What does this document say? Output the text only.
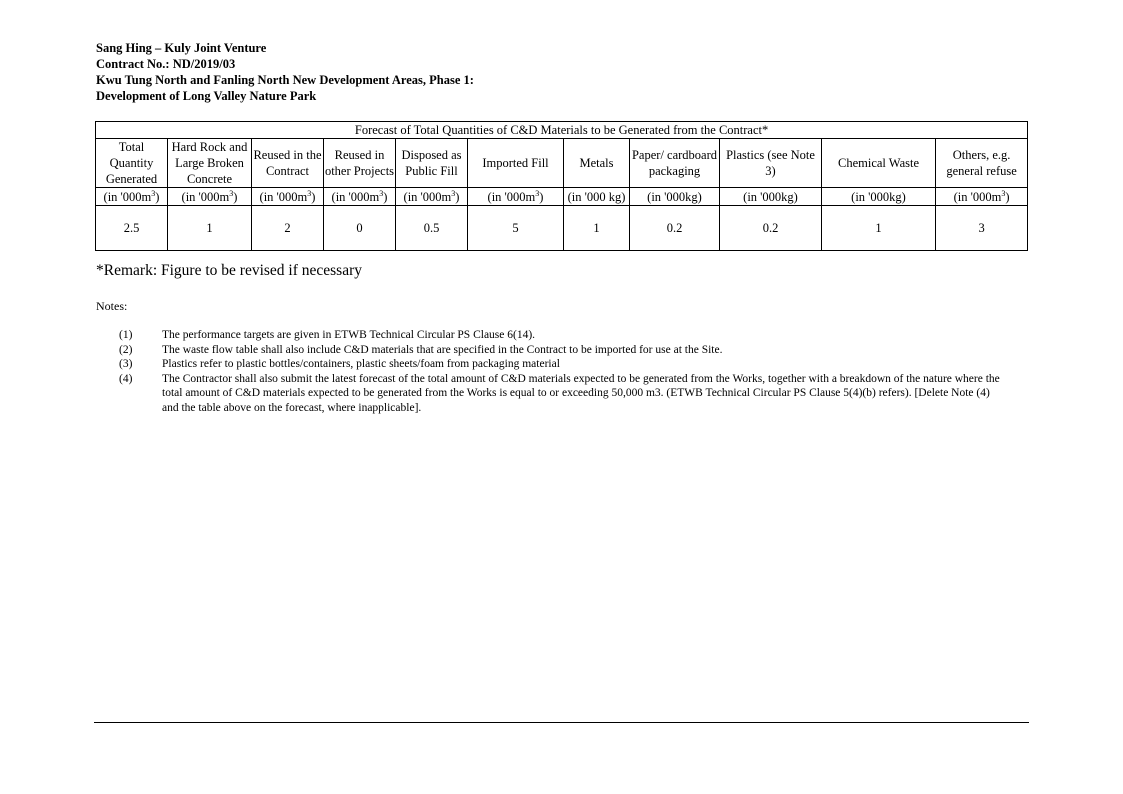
Sang Hing – Kuly Joint Venture
Contract No.: ND/2019/03
Kwu Tung North and Fanling North New Development Areas, Phase 1:
Development of Long Valley Nature Park
Forecast of Total Quantities of C&D Materials to be Generated from the Contract*										
Total Quantity Generated	Hard Rock and Large Broken Concrete	Reused in the Contract	Reused in other Projects	Disposed as Public Fill	Imported Fill	Metals	Paper/ cardboard packaging	Plastics (see Note 3)	Chemical Waste	Others, e.g. general refuse
(in '$000m^3$)	(in '$000m^3$)	(in '$000m^3$)	(in '$000m^3$)	(in '$000m^3$)	(in '$000m^3$)	(in '000 kg)	(in '000kg)	(in '000kg)	(in '000kg)	(in '$000m^3$)
2.5	1	2	0	0.5	5	1	0.2	0.2	1	3
*Remark: Figure to be revised if necessary
Notes:
(1)	The performance targets are given in ETWB Technical Circular PS Clause 6(14).
(2)	The waste flow table shall also include C&D materials that are specified in the Contract to be imported for use at the Site.
(3)	Plastics refer to plastic bottles/containers, plastic sheets/foam from packaging material
(4)	The Contractor shall also submit the latest forecast of the total amount of C&D materials expected to be generated from the Works, together with a breakdown of the nature where the total amount of C&D materials expected to be generated from the Works is equal to or exceeding 50,000 m3. (ETWB Technical Circular PS Clause 5(4)(b) refers). [Delete Note (4) and the table above on the forecast, where inapplicable].
